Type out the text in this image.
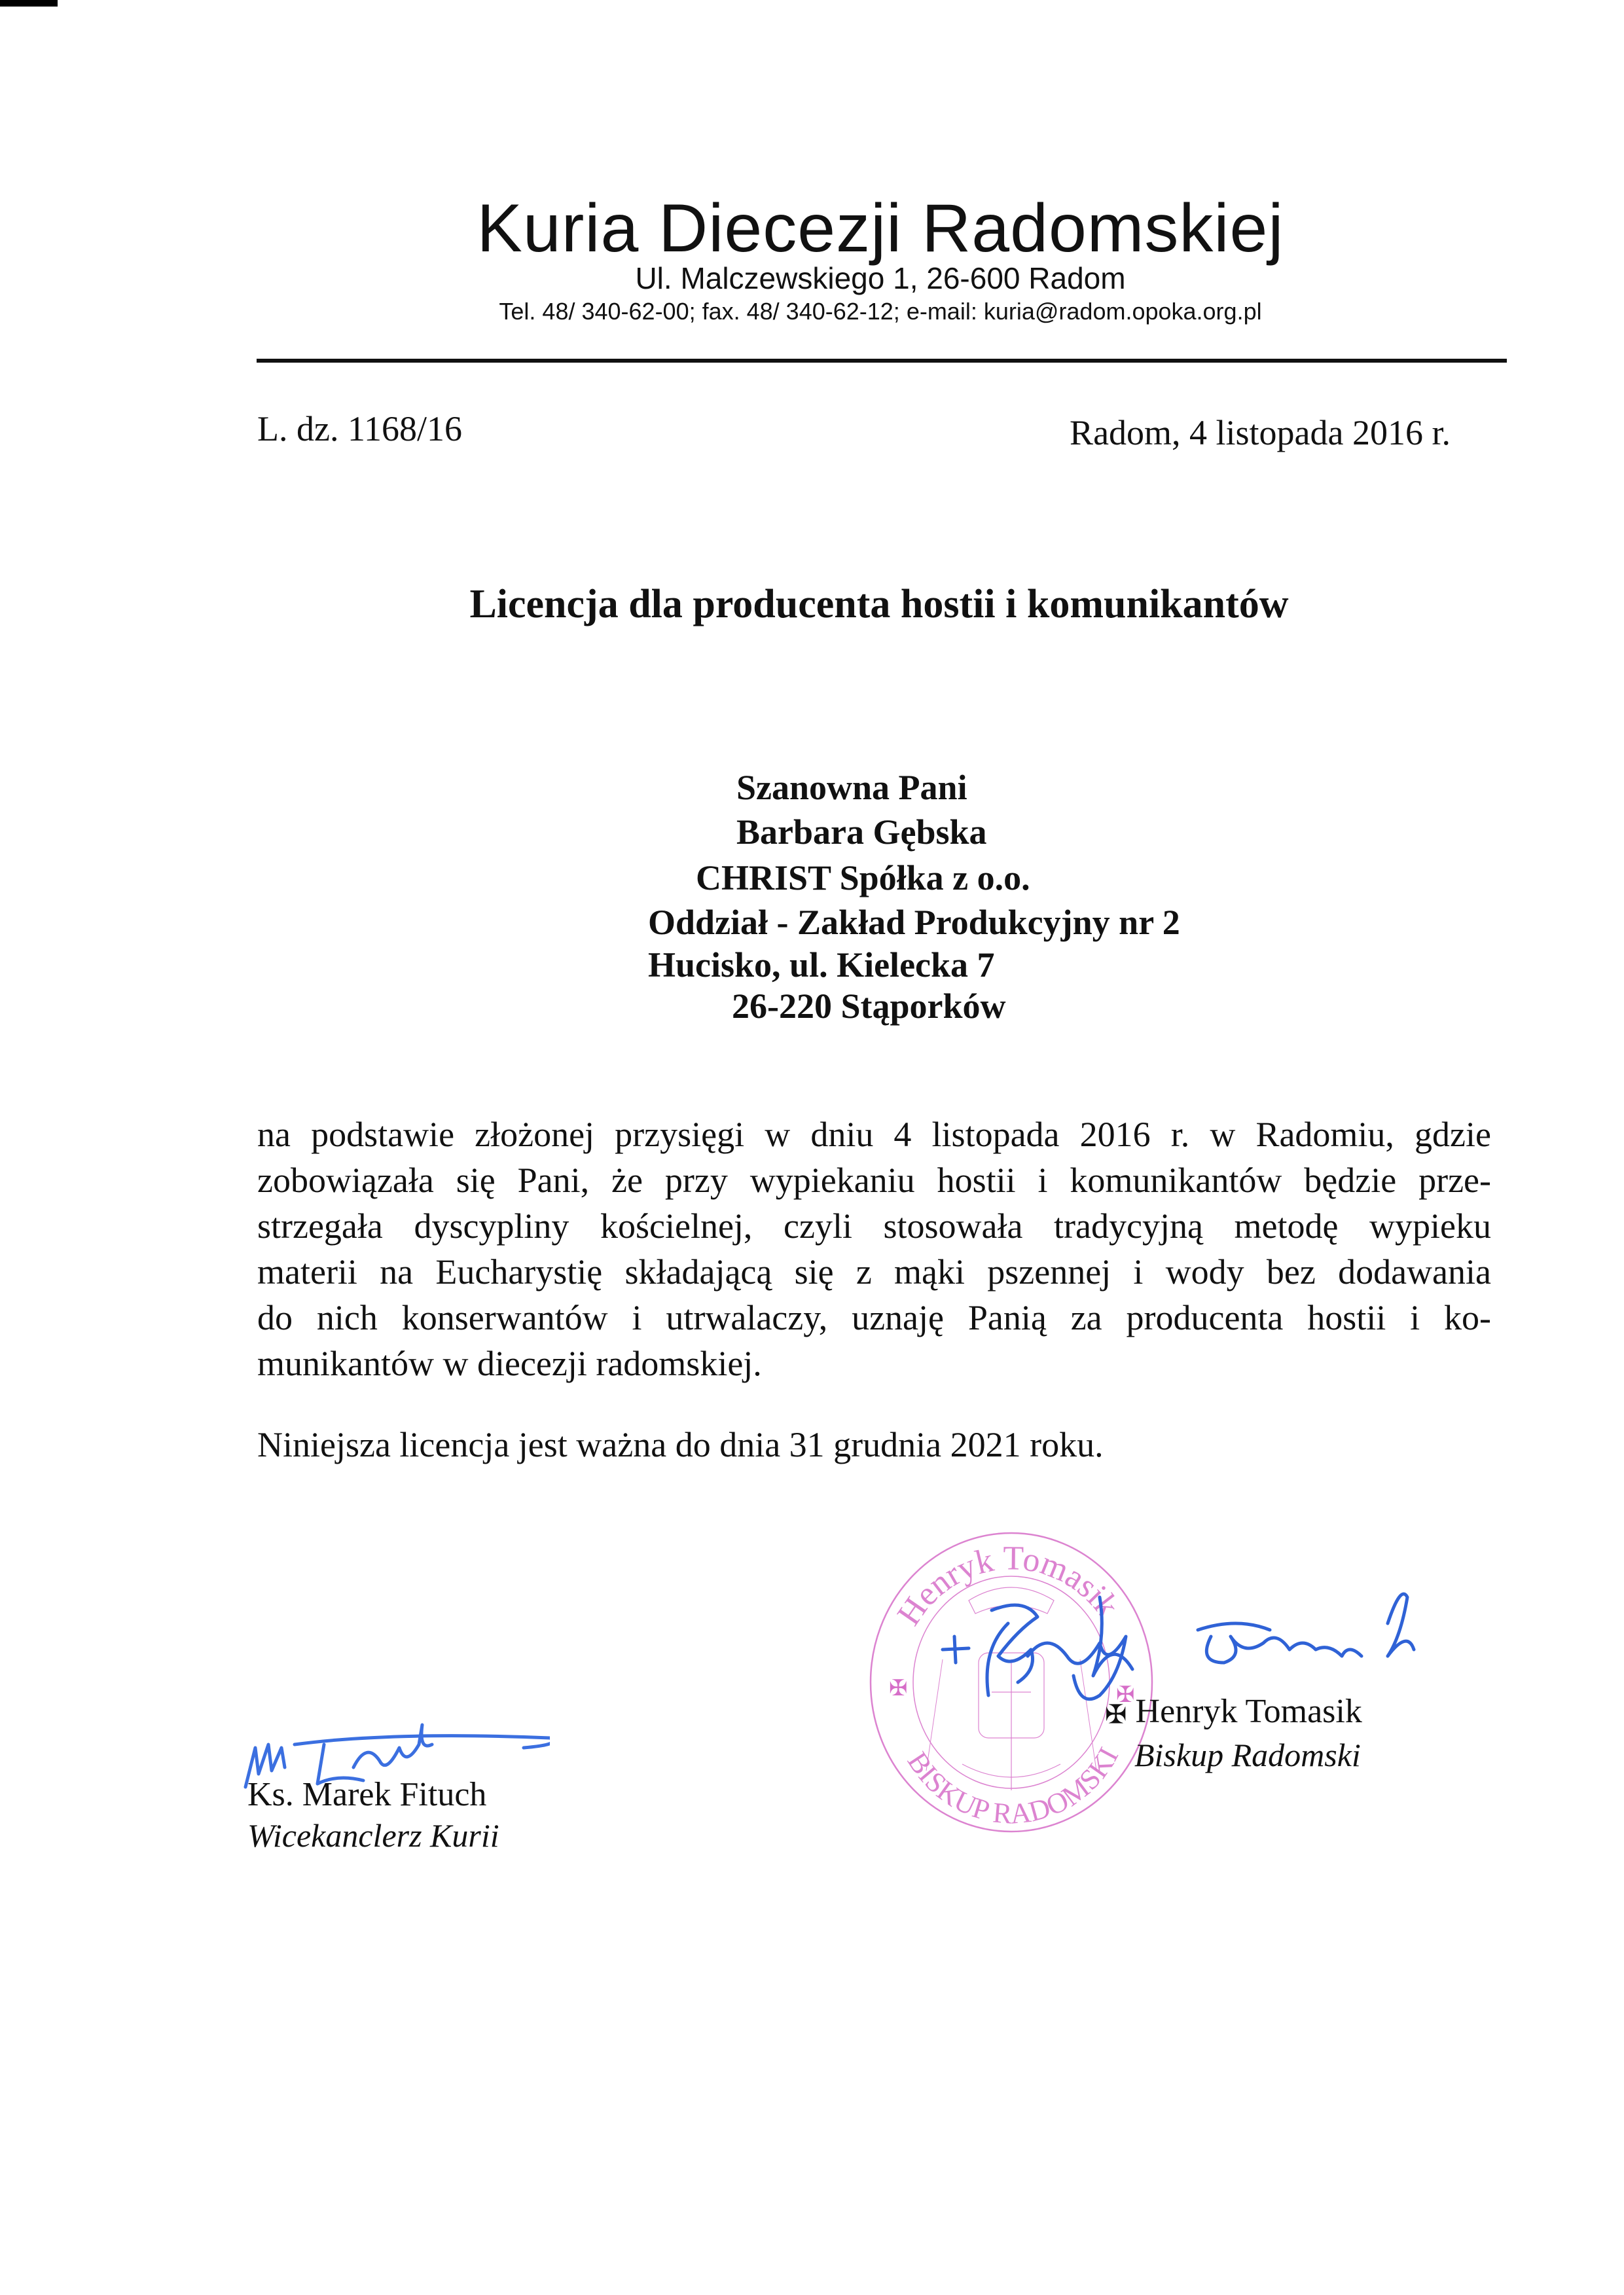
Kuria Diecezji Radomskiej
Ul. Malczewskiego 1, 26-600 Radom
Tel. 48/ 340-62-00; fax. 48/ 340-62-12; e-mail: kuria@radom.opoka.org.pl
L. dz. 1168/16	Radom, 4 listopada 2016 r.
Licencja dla producenta hostii i komunikantów
Szanowna Pani
Barbara Gębska
CHRIST Spółka z o.o.
Oddział - Zakład Produkcyjny nr 2
Hucisko, ul. Kielecka 7
26-220 Stąporków
na podstawie złożonej przysięgi w dniu 4 listopada 2016 r. w Radomiu, gdzie
zobowiązała się Pani, że przy wypiekaniu hostii i komunikantów będzie prze-
strzegała dyscypliny kościelnej, czyli stosowała tradycyjną metodę wypieku
materii na Eucharystię składającą się z mąki pszennej i wody bez dodawania
do nich konserwantów i utrwalaczy, uznaję Panią za producenta hostii i ko-
munikantów w diecezji radomskiej.
Niniejsza licencja jest ważna do dnia 31 grudnia 2021 roku.
Henryk Tomasik
BISKUP RADOMSKI
✠	✠
✠ Henryk Tomasik
Biskup Radomski
Ks. Marek Fituch
Wicekanclerz Kurii
